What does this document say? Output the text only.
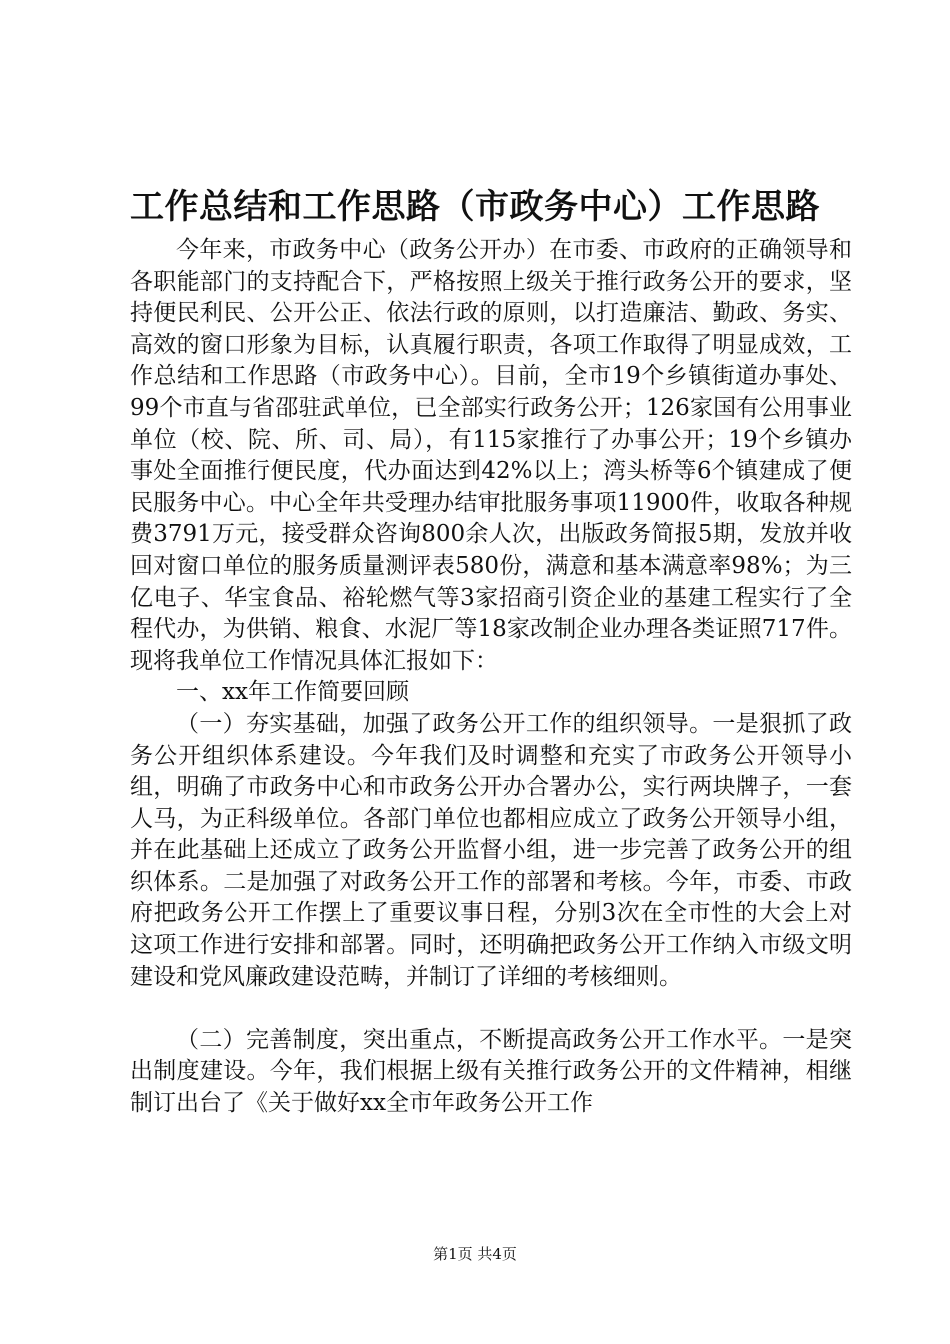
工作总结和工作思路（市政务中心）工作思路

今年来，市政务中心（政务公开办）在市委、市政府的正确领导和各职能部门的支持配合下，严格按照上级关于推行政务公开的要求，坚持便民利民、公开公正、依法行政的原则，以打造廉洁、勤政、务实、高效的窗口形象为目标，认真履行职责，各项工作取得了明显成效，工作总结和工作思路（市政务中心）。目前，全市19个乡镇街道办事处、99个市直与省邵驻武单位，已全部实行政务公开；126家国有公用事业单位（校、院、所、司、局），有115家推行了办事公开；19个乡镇办事处全面推行便民度，代办面达到42%以上；湾头桥等6个镇建成了便民服务中心。中心全年共受理办结审批服务事项11900件，收取各种规费3791万元，接受群众咨询800余人次，出版政务简报5期，发放并收回对窗口单位的服务质量测评表580份，满意和基本满意率98%；为三亿电子、华宝食品、裕轮燃气等3家招商引资企业的基建工程实行了全程代办，为供销、粮食、水泥厂等18家改制企业办理各类证照717件。现将我单位工作情况具体汇报如下：

一、xx年工作简要回顾

（一）夯实基础，加强了政务公开工作的组织领导。一是狠抓了政务公开组织体系建设。今年我们及时调整和充实了市政务公开领导小组，明确了市政务中心和市政务公开办合署办公，实行两块牌子，一套人马，为正科级单位。各部门单位也都相应成立了政务公开领导小组，并在此基础上还成立了政务公开监督小组，进一步完善了政务公开的组织体系。二是加强了对政务公开工作的部署和考核。今年，市委、市政府把政务公开工作摆上了重要议事日程，分别3次在全市性的大会上对这项工作进行安排和部署。同时，还明确把政务公开工作纳入市级文明建设和党风廉政建设范畴，并制订了详细的考核细则。

（二）完善制度，突出重点，不断提高政务公开工作水平。一是突出制度建设。今年，我们根据上级有关推行政务公开的文件精神，相继制订出台了《关于做好xx全市年政务公开工作

第1页 共4页
